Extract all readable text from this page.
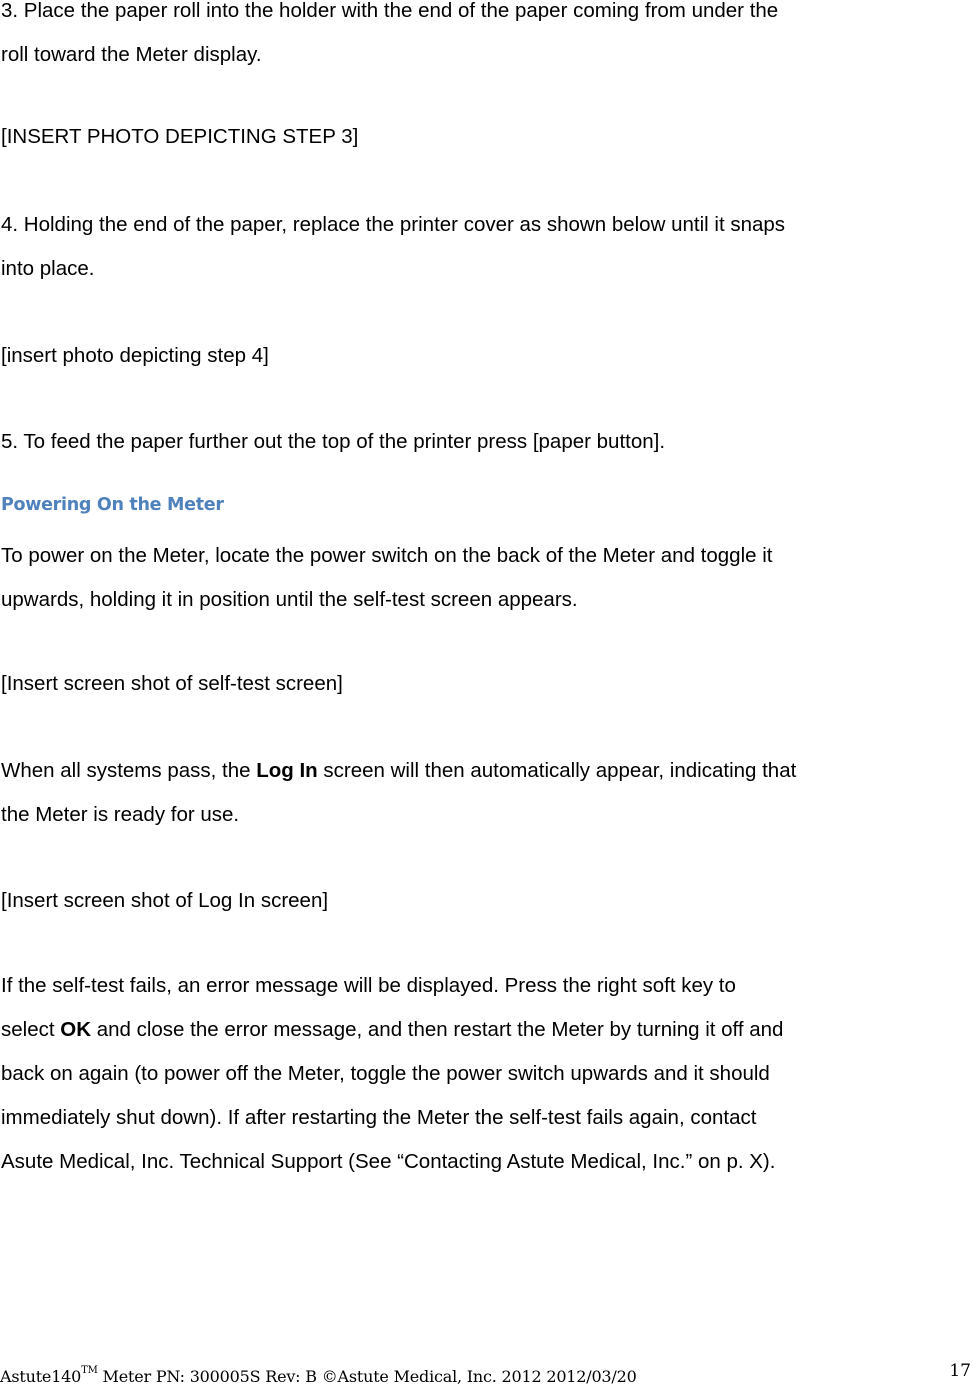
3. Place the paper roll into the holder with the end of the paper coming from under the
roll toward the Meter display.

[INSERT PHOTO DEPICTING STEP 3]

4. Holding the end of the paper, replace the printer cover as shown below until it snaps
into place.

[insert photo depicting step 4]

5. To feed the paper further out the top of the printer press [paper button].

Powering On the Meter

To power on the Meter, locate the power switch on the back of the Meter and toggle it
upwards, holding it in position until the self-test screen appears.

[Insert screen shot of self-test screen]

When all systems pass, the Log In screen will then automatically appear, indicating that
the Meter is ready for use.

[Insert screen shot of Log In screen]

If the self-test fails, an error message will be displayed. Press the right soft key to
select OK and close the error message, and then restart the Meter by turning it off and
back on again (to power off the Meter, toggle the power switch upwards and it should
immediately shut down). If after restarting the Meter the self-test fails again, contact
Asute Medical, Inc. Technical Support (See “Contacting Astute Medical, Inc.” on p. X).

Astute140™ Meter PN: 300005S Rev: B ©Astute Medical, Inc. 2012 2012/03/20	17
